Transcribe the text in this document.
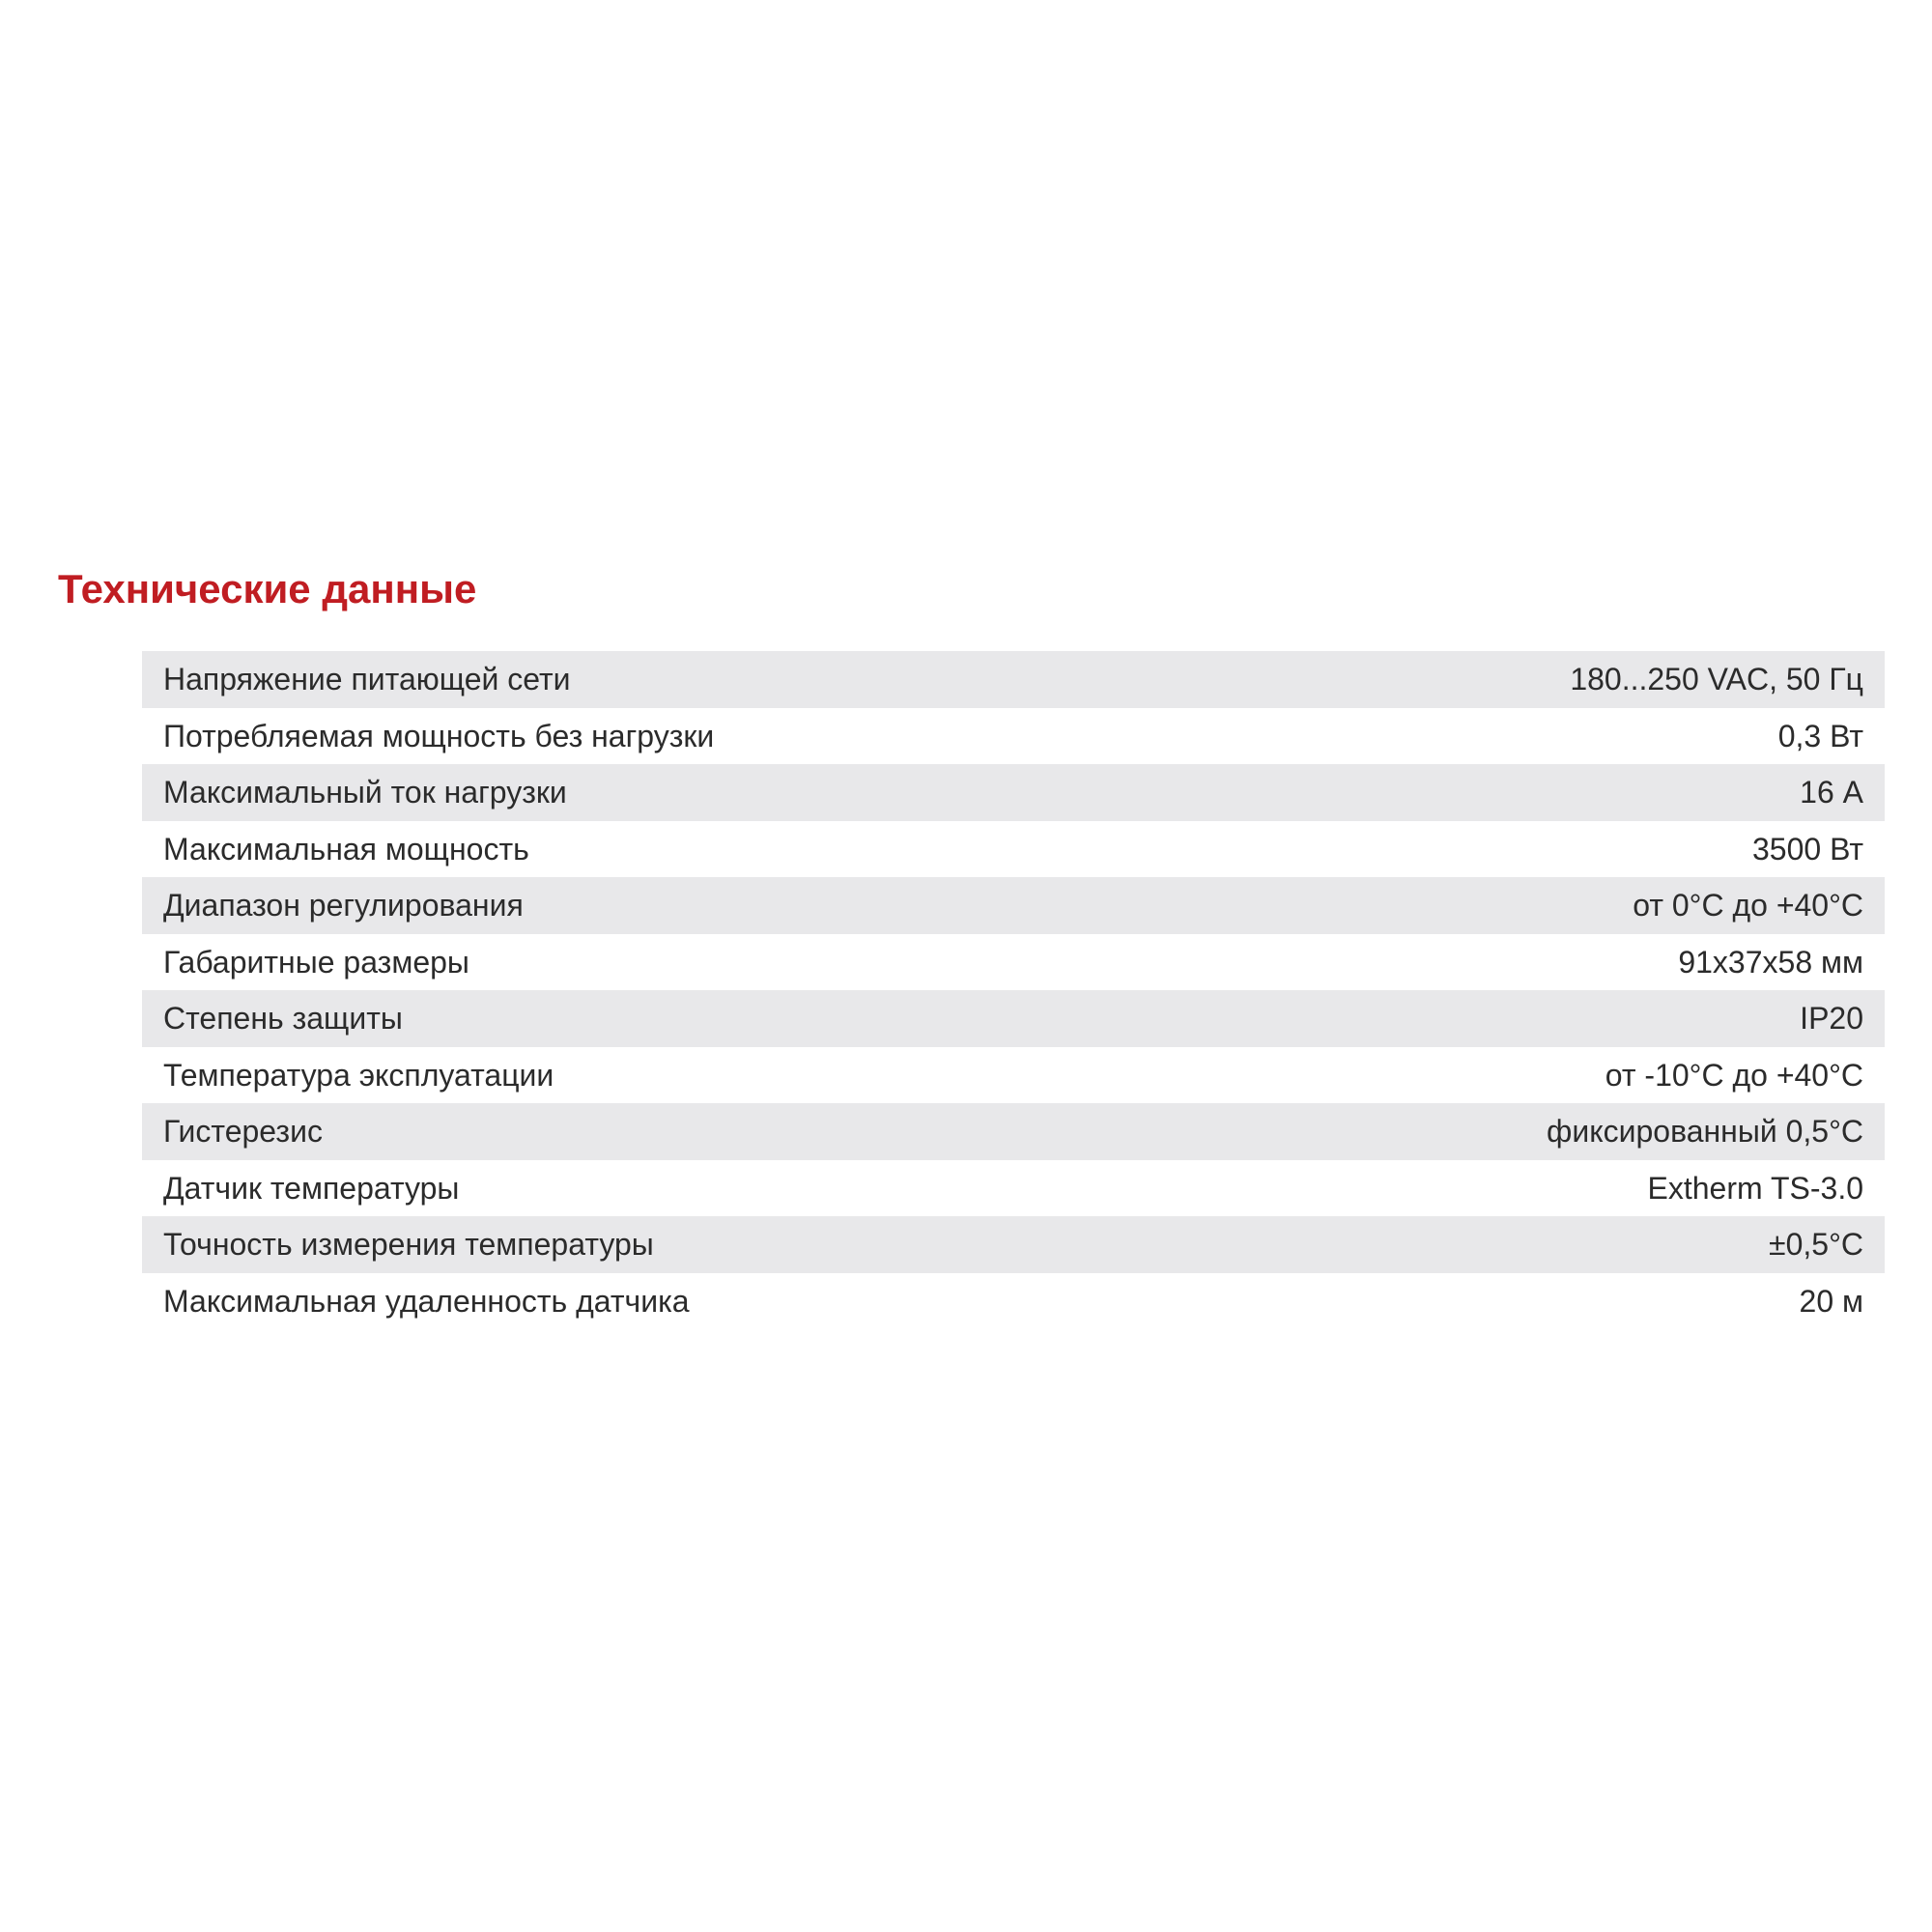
Технические данные
Напряжение питающей сети	180...250 VAC, 50 Гц
Потребляемая мощность без нагрузки	0,3 Вт
Максимальный ток нагрузки	16 А
Максимальная мощность	3500 Вт
Диапазон регулирования	от 0°С до +40°С
Габаритные размеры	91x37x58 мм
Степень защиты	IP20
Температура эксплуатации	от -10°С до +40°С
Гистерезис	фиксированный 0,5°С
Датчик температуры	Extherm TS-3.0
Точность измерения температуры	±0,5°С
Максимальная удаленность датчика	20 м
